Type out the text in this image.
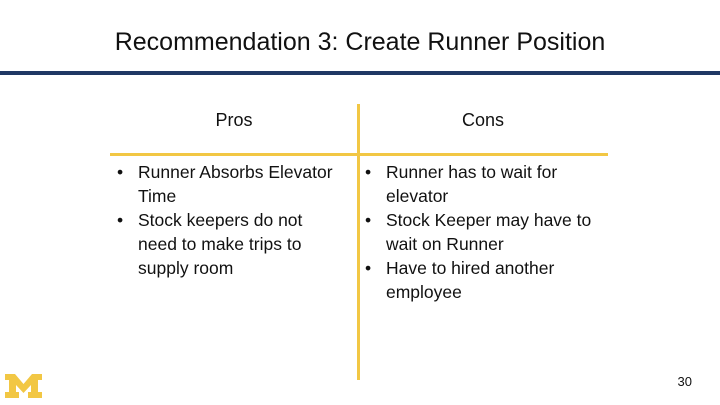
Recommendation 3: Create Runner Position
Pros	Cons
• Runner Absorbs Elevator Time
• Stock keepers do not need to make trips to supply room
• Runner has to wait for elevator
• Stock Keeper may have to wait on Runner
• Have to hired another employee
30
